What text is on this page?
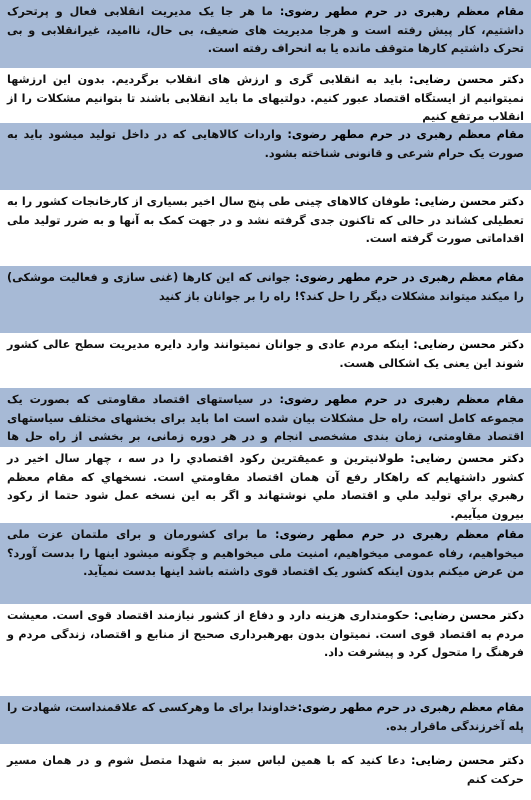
مقام معظم رهبری در حرم مطهر رضوی: ما هر جا یک مدیریت انقلابی فعال و پرتحرک داشتیم، کار پیش رفته است و هرجا مدیریت های ضعیف، بی حال، ناامید، غیرانقلابی و بی تحرک داشتیم کارها متوقف مانده یا به انحراف رفته است.
دکتر محسن رضایی: باید به انقلابی گری و ارزش های انقلاب برگردیم. بدون این ارزشها نمیتوانیم از ایستگاه اقتصاد عبور کنیم. دولتیهای ما باید انقلابی باشند تا بتوانیم مشکلات را از انقلاب مرتفع کنیم
مقام معظم رهبری در حرم مطهر رضوی: واردات کالاهایی که در داخل تولید میشود باید به صورت یک حرام شرعی و قانونی شناخته بشود.
دکتر محسن رضایی: طوفان کالاهای چینی طی پنج سال اخیر بسیاری از کارخانجات کشور را به تعطیلی کشاند در حالی که تاکنون جدی گرفته نشد و در جهت کمک به آنها و به ضرر تولید ملی اقداماتی صورت گرفته است.
مقام معظم رهبری در حرم مطهر رضوی: جوانی که این کارها (غنی سازی و فعالیت موشکی) را میکند میتواند مشکلات دیگر را حل کند؟! راه را بر جوانان باز کنید
دکتر محسن رضایی: اینکه مردم عادی و جوانان نمیتوانند وارد دایره مدیریت سطح عالی کشور شوند این یعنی یک اشکالی هست.
مقام معظم رهبری در حرم مطهر رضوی: در سیاستهای اقتصاد مقاومتی که بصورت یک مجموعه کامل است، راه حل مشکلات بیان شده است اما باید برای بخشهای مختلف سیاستهای اقتصاد مقاومتی، زمان بندی مشخصی انجام و در هر دوره زمانی، بر بخشی از راه حل ها
دکتر محسن رضایی: طولانيترين و عميقترين ركود اقتصادي را در سه ، چهار سال اخير در كشور داشتهايم كه راهكار رفع آن همان اقتصاد مقاومتي است. نسخهاي كه مقام معظم رهبري براي توليد ملي و اقتصاد ملي نوشتهاند و اگر به اين نسخه عمل شود حتما از ركود بيرون ميآييم.
مقام معظم رهبری در حرم مطهر رضوی: ما برای کشورمان و برای ملتمان عزت ملی میخواهیم، رفاه عمومی میخواهیم، امنیت ملی میخواهیم و چگونه میشود اینها را بدست آورد؟ من عرض میکنم بدون اینکه کشور یک اقتصاد قوی داشته باشد اینها بدست نمیآید.
دکتر محسن رضایی: حکومتداری هزینه دارد و دفاع از کشور نیازمند اقتصاد قوی است. معیشت مردم به اقتصاد قوی است. نمیتوان بدون بهرهبرداری صحیح از منابع و اقتصاد، زندگی مردم و فرهنگ را متحول کرد و پیشرفت داد.
مقام معظم رهبری در حرم مطهر رضوی:خداوندا برای ما وهرکسی که علاقمنداست، شهادت را پله آخرزندگی ماقرار بده.
دکتر محسن رضایی: دعا کنید که با همین لباس سبز به شهدا متصل شوم و در همان مسیر حرکت کنم
